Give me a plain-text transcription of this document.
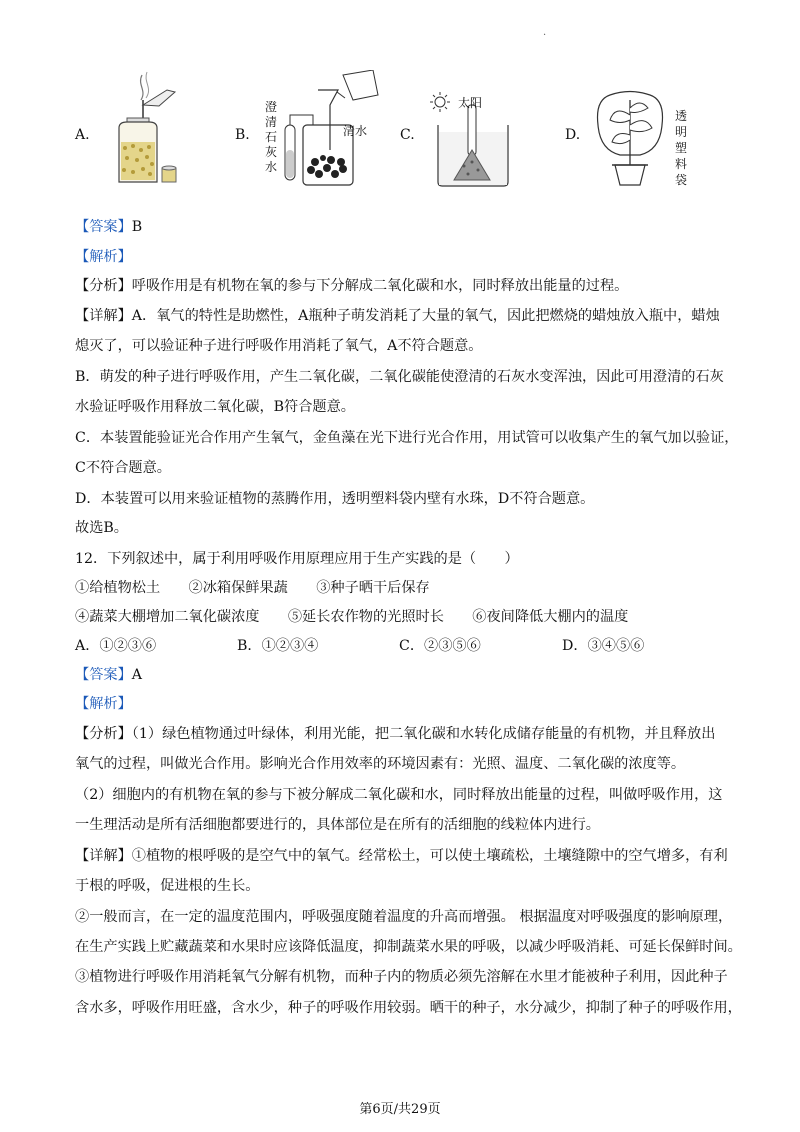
·
A.	B.
澄清石灰水
清水 C.
太阳
D.
透明塑料袋
【答案】B
【解析】
【分析】呼吸作用是有机物在氧的参与下分解成二氧化碳和水，同时释放出能量的过程。
【详解】A．氧气的特性是助燃性，A瓶种子萌发消耗了大量的氧气，因此把燃烧的蜡烛放入瓶中，蜡烛
熄灭了，可以验证种子进行呼吸作用消耗了氧气，A不符合题意。
B．萌发的种子进行呼吸作用，产生二氧化碳，二氧化碳能使澄清的石灰水变浑浊，因此可用澄清的石灰
水验证呼吸作用释放二氧化碳，B符合题意。
C．本装置能验证光合作用产生氧气，金鱼藻在光下进行光合作用，用试管可以收集产生的氧气加以验证，
C不符合题意。
D．本装置可以用来验证植物的蒸腾作用，透明塑料袋内壁有水珠，D不符合题意。
故选B。
12．下列叙述中，属于利用呼吸作用原理应用于生产实践的是（　　）
①给植物松土　　②冰箱保鲜果蔬　　③种子晒干后保存
④蔬菜大棚增加二氧化碳浓度　　⑤延长农作物的光照时长　　⑥夜间降低大棚内的温度
A．①②③⑥	B．①②③④	C．②③⑤⑥	D．③④⑤⑥
【答案】A
【解析】
【分析】（1）绿色植物通过叶绿体，利用光能，把二氧化碳和水转化成储存能量的有机物，并且释放出
氧气的过程，叫做光合作用。影响光合作用效率的环境因素有：光照、温度、二氧化碳的浓度等。
（2）细胞内的有机物在氧的参与下被分解成二氧化碳和水，同时释放出能量的过程，叫做呼吸作用，这
一生理活动是所有活细胞都要进行的，具体部位是在所有的活细胞的线粒体内进行。
【详解】①植物的根呼吸的是空气中的氧气。经常松土，可以使土壤疏松，土壤缝隙中的空气增多，有利
于根的呼吸，促进根的生长。
②一般而言，在一定的温度范围内，呼吸强度随着温度的升高而增强。 根据温度对呼吸强度的影响原理，
在生产实践上贮藏蔬菜和水果时应该降低温度，抑制蔬菜水果的呼吸，以减少呼吸消耗、可延长保鲜时间。
③植物进行呼吸作用消耗氧气分解有机物，而种子内的物质必须先溶解在水里才能被种子利用，因此种子
含水多，呼吸作用旺盛，含水少，种子的呼吸作用较弱。晒干的种子，水分减少，抑制了种子的呼吸作用，
第6页/共29页
